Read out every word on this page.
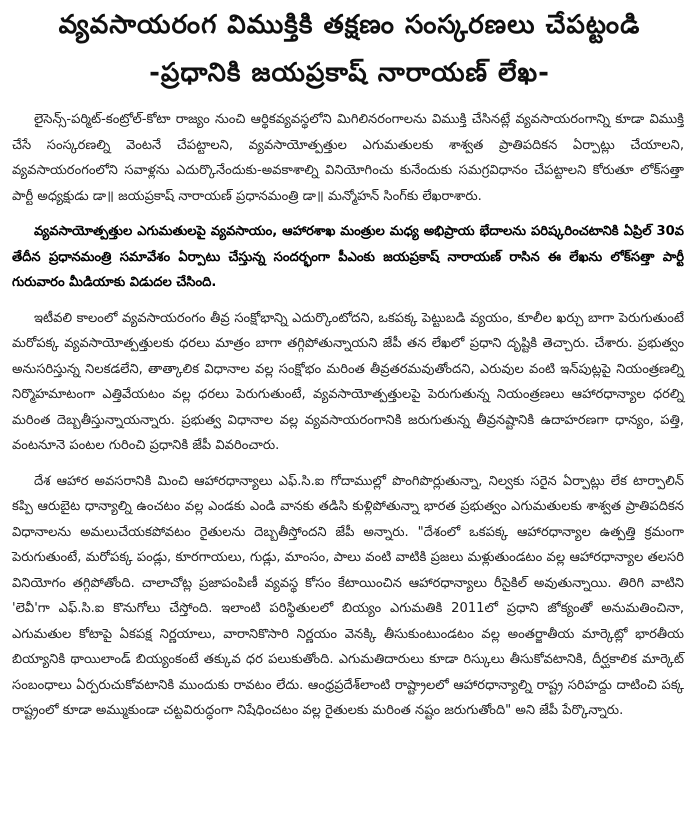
వ్యవసాయరంగ విముక్తికి తక్షణం సంస్కరణలు చేపట్టండి
-ప్రధానికి జయప్రకాష్ నారాయణ్ లేఖ-

లైసెన్స్-పర్మిట్-కంట్రోల్-కోటా రాజ్యం నుంచి ఆర్థికవ్యవస్థలోని మిగిలినరంగాలను విముక్తి చేసినట్లే వ్యవసాయరంగాన్ని కూడా విముక్తి చేసే సంస్కరణల్ని వెంటనే చేపట్టాలని, వ్యవసాయోత్పత్తుల ఎగుమతులకు శాశ్వత ప్రాతిపదికన ఏర్పాట్లు చేయాలని, వ్యవసాయరంగంలోని సవాళ్లను ఎదుర్కొనేందుకు-అవకాశాల్ని వినియోగించు కునేందుకు సమగ్రవిధానం చేపట్టాలని కోరుతూ లోక్‌సత్తా పార్టీ అధ్యక్షుడు డా॥ జయప్రకాష్ నారాయణ్ ప్రధానమంత్రి డా॥ మన్మోహన్ సింగ్‌కు లేఖరాశారు.

వ్యవసాయోత్పత్తుల ఎగుమతులపై వ్యవసాయం, ఆహారశాఖ మంత్రుల మధ్య అభిప్రాయ భేదాలను పరిష్కరించటానికి ఏప్రిల్ 30వ తేదీన ప్రధానమంత్రి సమావేశం ఏర్పాటు చేస్తున్న సందర్భంగా పీఎంకు జయప్రకాష్ నారాయణ్ రాసిన ఈ లేఖను లోక్‌సత్తా పార్టీ గురువారం మీడియాకు విడుదల చేసింది.

ఇటీవలి కాలంలో వ్యవసాయరంగం తీవ్ర సంక్షోభాన్ని ఎదుర్కొంటోదని, ఒకపక్క పెట్టుబడి వ్యయం, కూలీల ఖర్చు బాగా పెరుగుతుంటే మరోపక్క వ్యవసాయోత్పత్తులకు ధరలు మాత్రం బాగా తగ్గిపోతున్నాయని జేపీ తన లేఖలో ప్రధాని దృష్టికి తెచ్చారు. చేశారు. ప్రభుత్వం అనుసరిస్తున్న నిలకడలేని, తాత్కాలిక విధానాల వల్ల సంక్షోభం మరింత తీవ్రతరమవుతోందని, ఎరువుల వంటి ఇన్‌పుట్లపై నియంత్రణల్ని నిర్మొహమాటంగా ఎత్తివేయటం వల్ల ధరలు పెరుగుతుంటే, వ్యవసాయోత్పత్తులపై పెరుగుతున్న నియంత్రణలు ఆహారధాన్యాల ధరల్ని మరింత దెబ్బతీస్తున్నాయన్నారు. ప్రభుత్వ విధానాల వల్ల వ్యవసాయరంగానికి జరుగుతున్న తీవ్రనష్టానికి ఉదాహరణగా ధాన్యం, పత్తి, వంటనూనె పంటల గురించి ప్రధానికి జేపీ వివరించారు.

దేశ ఆహార అవసరానికి మించి ఆహారధాన్యాలు ఎఫ్.సి.ఐ గోదాముల్లో పొంగిపొర్లుతున్నా, నిల్వకు సరైన ఏర్పాట్లు లేక టార్పాలిన్ కప్పి ఆరుబైట ధాన్యాల్ని ఉంచటం వల్ల ఎండకు ఎండి వానకు తడిసి కుళ్లిపోతున్నా భారత ప్రభుత్వం ఎగుమతులకు శాశ్వత ప్రాతిపదికన విధానాలను అమలుచేయకపోవటం రైతులను దెబ్బతీస్తోందని జేపీ అన్నారు. "దేశంలో ఒకపక్క ఆహారధాన్యాల ఉత్పత్తి క్రమంగా పెరుగుతుంటే, మరోపక్క పండ్లు, కూరగాయలు, గుడ్లు, మాంసం, పాలు వంటి వాటికి ప్రజలు మళ్లుతుండటం వల్ల ఆహారధాన్యాల తలసరి వినియోగం తగ్గిపోతోంది. చాలాచోట్ల ప్రజాపంపిణీ వ్యవస్థ కోసం కేటాయించిన ఆహారధాన్యాలు రీసైకిల్ అవుతున్నాయి. తిరిగి వాటిని 'లెవీ'గా ఎఫ్.సి.ఐ కొనుగోలు చేస్తోంది. ఇలాంటి పరిస్థితులలో బియ్యం ఎగుమతికి 2011లో ప్రధాని జోక్యంతో అనుమతించినా, ఎగుమతుల కోటాపై ఏకపక్ష నిర్ణయాలు, వారానికొసారి నిర్ణయం వెనక్కి తీసుకుంటుండటం వల్ల అంతర్జాతీయ మార్కెట్లో భారతీయ బియ్యానికి థాయిలాండ్ బియ్యంకంటే తక్కువ ధర పలుకుతోంది. ఎగుమతిదారులు కూడా రిస్కులు తీసుకోవటానికి, దీర్ఘకాలిక మార్కెట్ సంబంధాలు ఏర్పరుచుకోవటానికి ముందుకు రావటం లేదు. ఆంధ్రప్రదేశ్‌లాంటి రాష్ట్రాలలో ఆహారధాన్యాల్ని రాష్ట్ర సరిహద్దు దాటించి పక్క రాష్ట్రంలో కూడా అమ్ముకుండా చట్టవిరుద్ధంగా నిషేధించటం వల్ల రైతులకు మరింత నష్టం జరుగుతోంది" అని జేపీ పేర్కొన్నారు.
